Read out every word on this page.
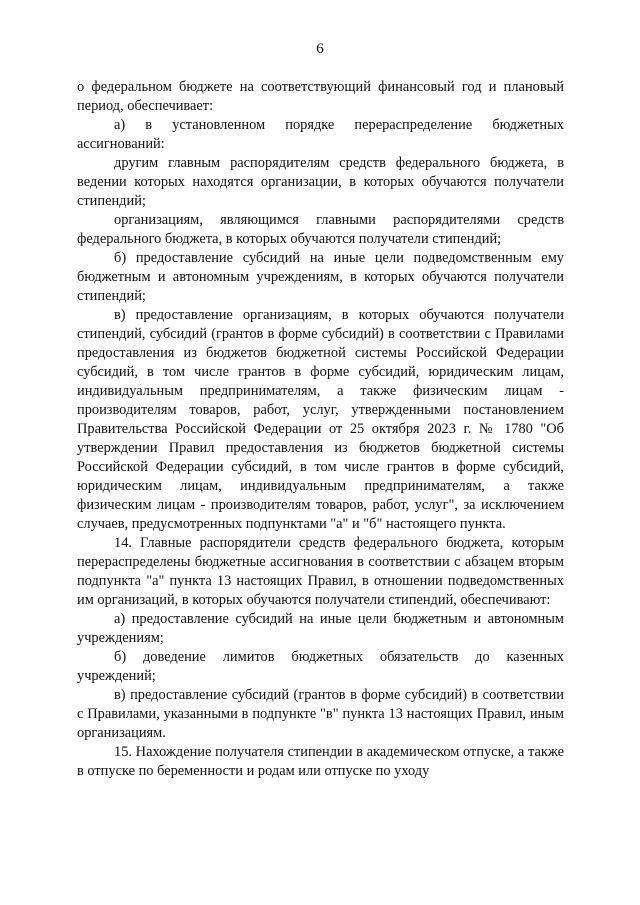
6

о федеральном бюджете на соответствующий финансовый год и плановый период, обеспечивает:

а) в установленном порядке перераспределение бюджетных ассигнований:

другим главным распорядителям средств федерального бюджета, в ведении которых находятся организации, в которых обучаются получатели стипендий;

организациям, являющимся главными распорядителями средств федерального бюджета, в которых обучаются получатели стипендий;

б) предоставление субсидий на иные цели подведомственным ему бюджетным и автономным учреждениям, в которых обучаются получатели стипендий;

в) предоставление организациям, в которых обучаются получатели стипендий, субсидий (грантов в форме субсидий) в соответствии с Правилами предоставления из бюджетов бюджетной системы Российской Федерации субсидий, в том числе грантов в форме субсидий, юридическим лицам, индивидуальным предпринимателям, а также физическим лицам - производителям товаров, работ, услуг, утвержденными постановлением Правительства Российской Федерации от 25 октября 2023 г. № 1780 "Об утверждении Правил предоставления из бюджетов бюджетной системы Российской Федерации субсидий, в том числе грантов в форме субсидий, юридическим лицам, индивидуальным предпринимателям, а также физическим лицам - производителям товаров, работ, услуг", за исключением случаев, предусмотренных подпунктами "а" и "б" настоящего пункта.

14. Главные распорядители средств федерального бюджета, которым перераспределены бюджетные ассигнования в соответствии с абзацем вторым подпункта "а" пункта 13 настоящих Правил, в отношении подведомственных им организаций, в которых обучаются получатели стипендий, обеспечивают:

а) предоставление субсидий на иные цели бюджетным и автономным учреждениям;

б) доведение лимитов бюджетных обязательств до казенных учреждений;

в) предоставление субсидий (грантов в форме субсидий) в соответствии с Правилами, указанными в подпункте "в" пункта 13 настоящих Правил, иным организациям.

15. Нахождение получателя стипендии в академическом отпуске, а также в отпуске по беременности и родам или отпуске по уходу
